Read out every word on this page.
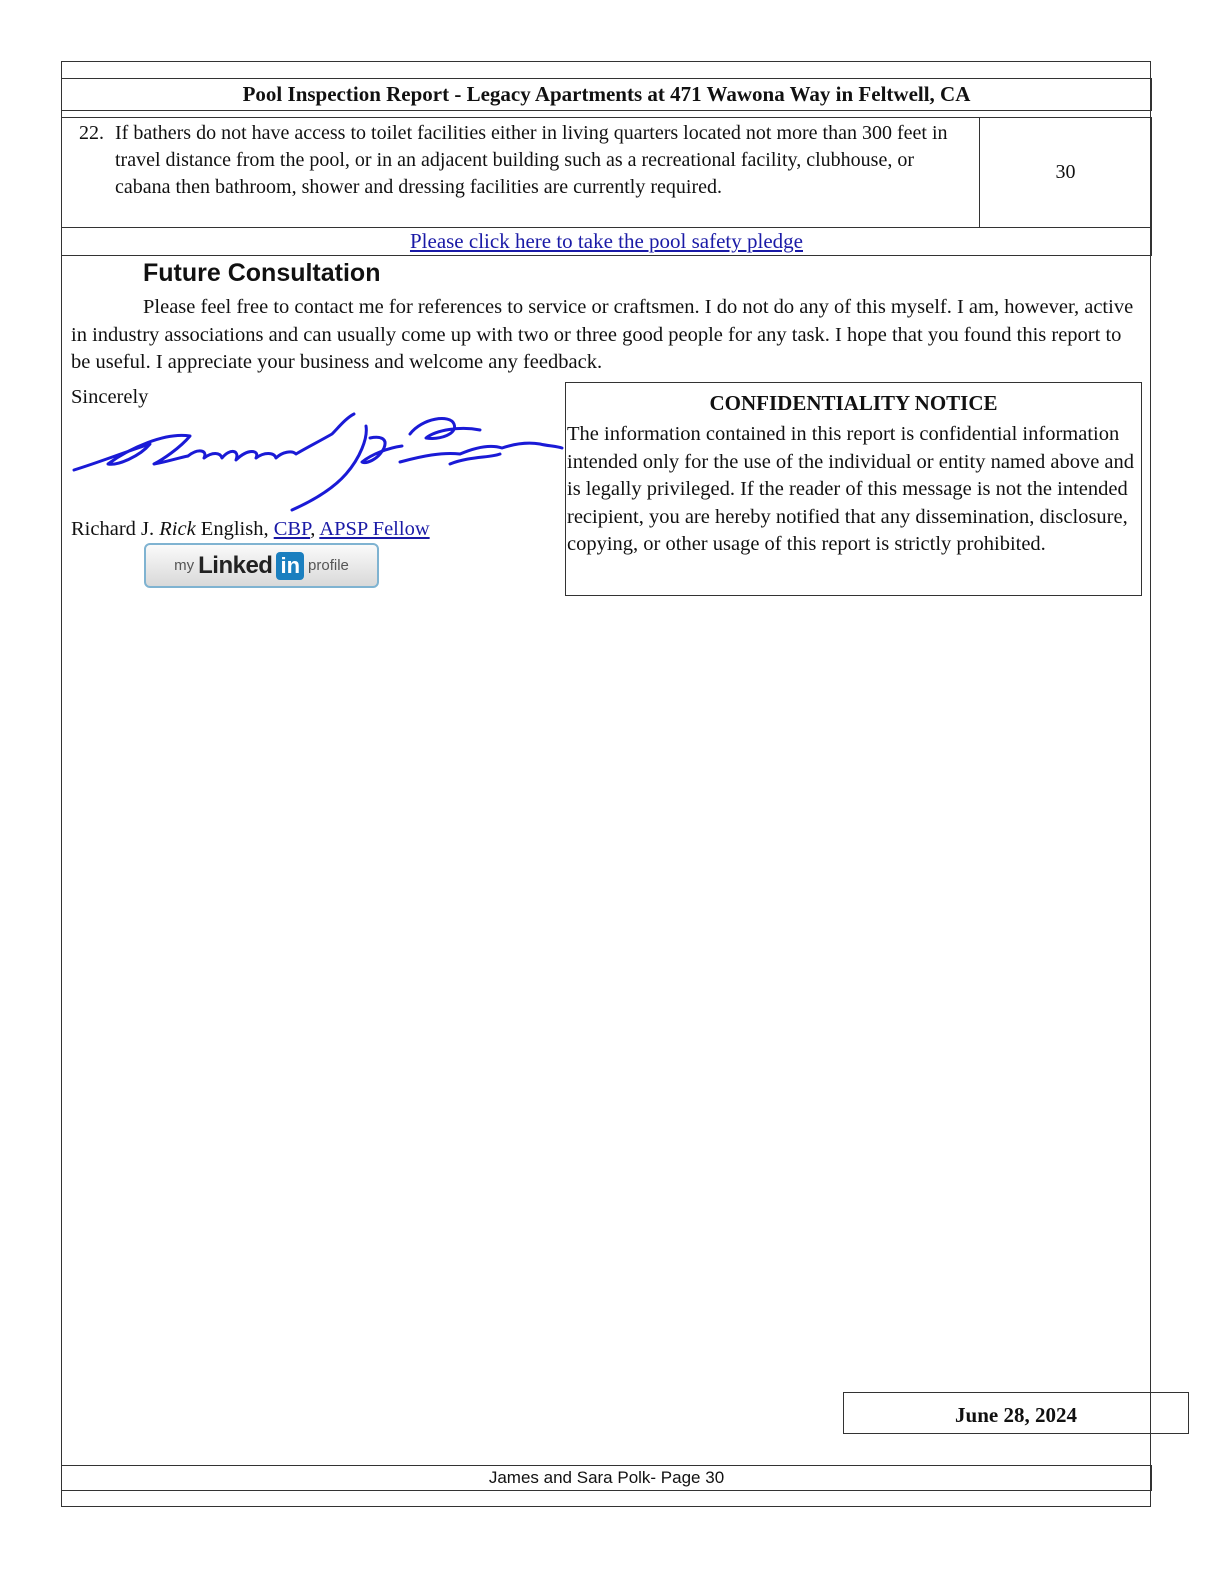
Pool Inspection Report - Legacy Apartments at 471 Wawona Way in Feltwell, CA
22. If bathers do not have access to toilet facilities either in living quarters located not more than 300 feet in travel distance from the pool, or in an adjacent building such as a recreational facility, clubhouse, or cabana then bathroom, shower and dressing facilities are currently required.
30
Please click here to take the pool safety pledge
Future Consultation

Please feel free to contact me for references to service or craftsmen. I do not do any of this myself. I am, however, active in industry associations and can usually come up with two or three good people for any task. I hope that you found this report to be useful. I appreciate your business and welcome any feedback.

Sincerely
Richard J. Rick English, CBP, APSP Fellow
my Linked in profile
CONFIDENTIALITY NOTICE

The information contained in this report is confidential information intended only for the use of the individual or entity named above and is legally privileged. If the reader of this message is not the intended recipient, you are hereby notified that any dissemination, disclosure, copying, or other usage of this report is strictly prohibited.

June 28, 2024
James and Sara Polk- Page 30
